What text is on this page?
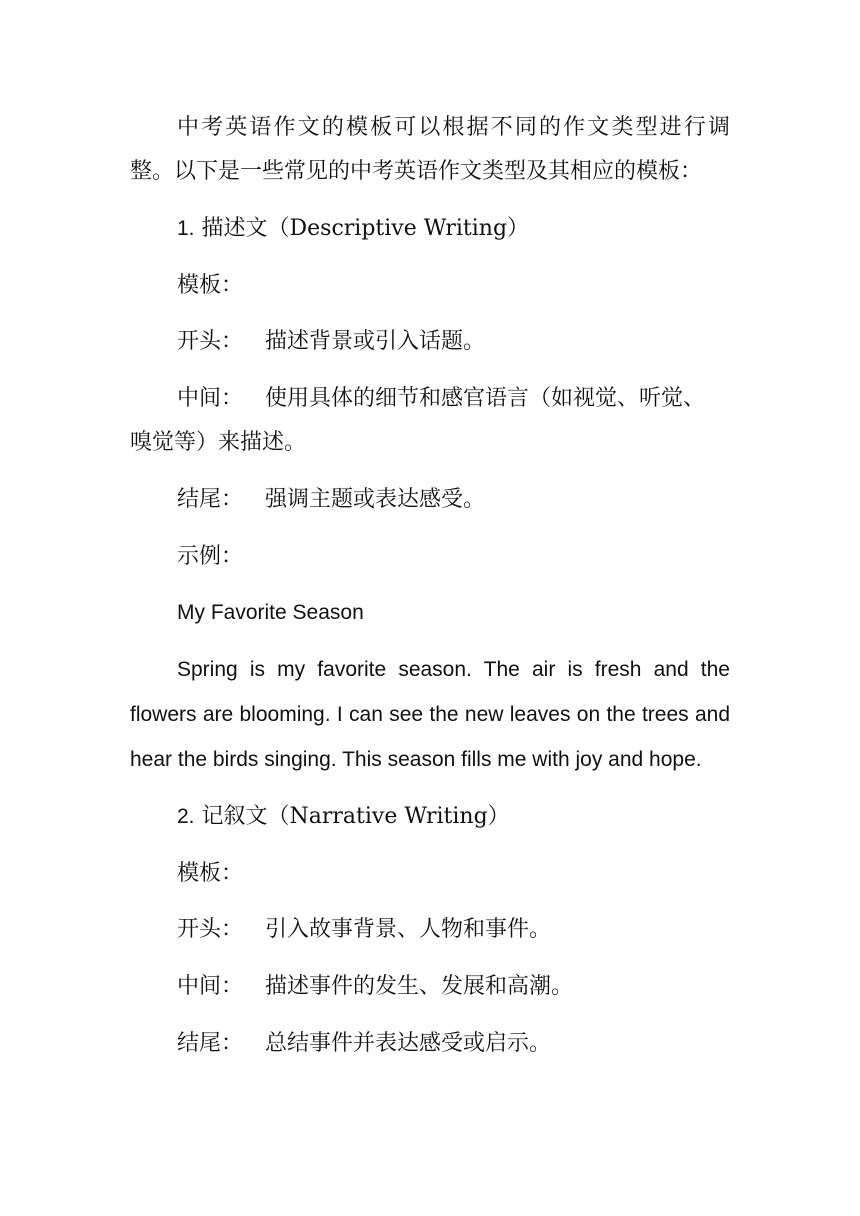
中考英语作文的模板可以根据不同的作文类型进行调
整。以下是一些常见的中考英语作文类型及其相应的模板：
1. 描述文（Descriptive Writing）
模板：
开头： 描述背景或引入话题。
中间： 使用具体的细节和感官语言（如视觉、听觉、
嗅觉等）来描述。
结尾： 强调主题或表达感受。
示例：
My Favorite Season
Spring is my favorite season. The air is fresh and the
flowers are blooming. I can see the new leaves on the trees and
hear the birds singing. This season fills me with joy and hope.
2. 记叙文（Narrative Writing）
模板：
开头： 引入故事背景、人物和事件。
中间： 描述事件的发生、发展和高潮。
结尾： 总结事件并表达感受或启示。
